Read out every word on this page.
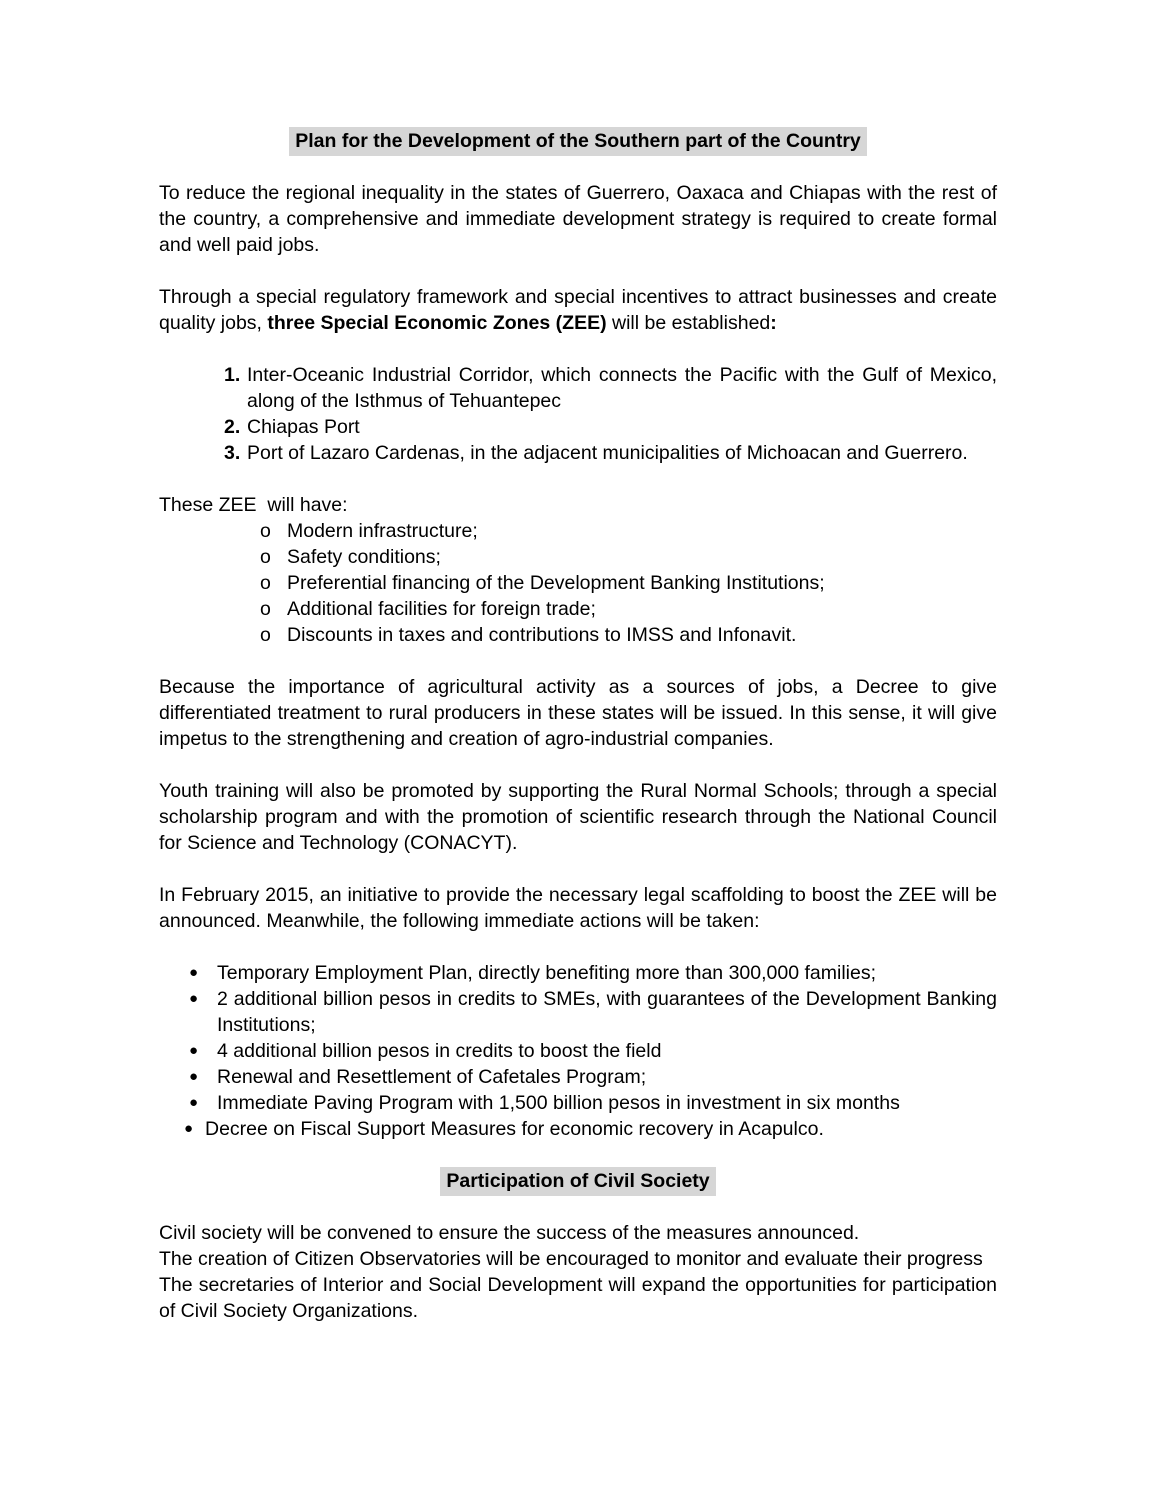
Plan for the Development of the Southern part of the Country

To reduce the regional inequality in the states of Guerrero, Oaxaca and Chiapas with the rest of the country, a comprehensive and immediate development strategy is required to create formal and well paid jobs.

Through a special regulatory framework and special incentives to attract businesses and create quality jobs, three Special Economic Zones (ZEE) will be established:

1. Inter-Oceanic Industrial Corridor, which connects the Pacific with the Gulf of Mexico, along of the Isthmus of Tehuantepec
2. Chiapas Port
3. Port of Lazaro Cardenas, in the adjacent municipalities of Michoacan and Guerrero.

These ZEE  will have:

o Modern infrastructure;
o Safety conditions;
o Preferential financing of the Development Banking Institutions;
o Additional facilities for foreign trade;
o Discounts in taxes and contributions to IMSS and Infonavit.

Because the importance of agricultural activity as a sources of jobs, a Decree to give differentiated treatment to rural producers in these states will be issued. In this sense, it will give impetus to the strengthening and creation of agro-industrial companies.

Youth training will also be promoted by supporting the Rural Normal Schools; through a special scholarship program and with the promotion of scientific research through the National Council for Science and Technology (CONACYT).

In February 2015, an initiative to provide the necessary legal scaffolding to boost the ZEE will be announced. Meanwhile, the following immediate actions will be taken:

● Temporary Employment Plan, directly benefiting more than 300,000 families;
● 2 additional billion pesos in credits to SMEs, with guarantees of the Development Banking Institutions;
● 4 additional billion pesos in credits to boost the field
● Renewal and Resettlement of Cafetales Program;
● Immediate Paving Program with 1,500 billion pesos in investment in six months
● Decree on Fiscal Support Measures for economic recovery in Acapulco.
Participation of Civil Society

Civil society will be convened to ensure the success of the measures announced.

The creation of Citizen Observatories will be encouraged to monitor and evaluate their progress

The secretaries of Interior and Social Development will expand the opportunities for participation of Civil Society Organizations.
